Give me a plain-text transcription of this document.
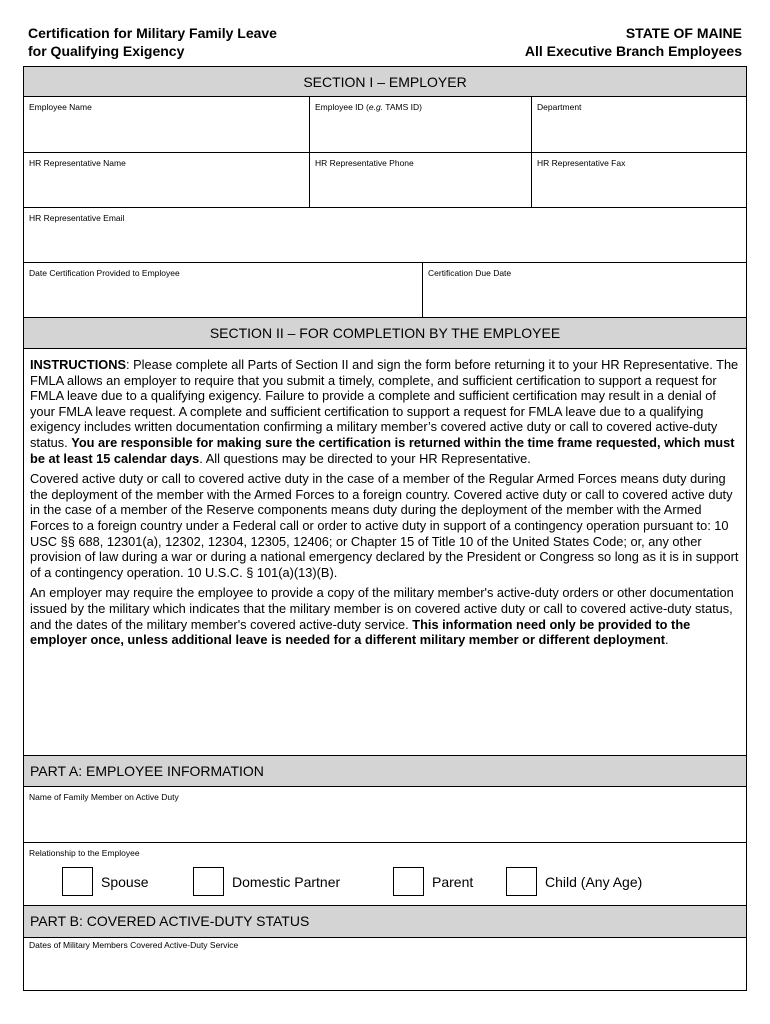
Certification for Military Family Leave
for Qualifying Exigency
STATE OF MAINE
All Executive Branch Employees
SECTION I – EMPLOYER
Employee Name	Employee ID (e.g. TAMS ID)	Department
HR Representative Name	HR Representative Phone	HR Representative Fax
HR Representative Email
Date Certification Provided to Employee	Certification Due Date
SECTION II – FOR COMPLETION BY THE EMPLOYEE

INSTRUCTIONS: Please complete all Parts of Section II and sign the form before returning it to your HR Representative. The FMLA allows an employer to require that you submit a timely, complete, and sufficient certification to support a request for FMLA leave due to a qualifying exigency. Failure to provide a complete and sufficient certification may result in a denial of your FMLA leave request. A complete and sufficient certification to support a request for FMLA leave due to a qualifying exigency includes written documentation confirming a military member’s covered active duty or call to covered active-duty status. You are responsible for making sure the certification is returned within the time frame requested, which must be at least 15 calendar days. All questions may be directed to your HR Representative.

Covered active duty or call to covered active duty in the case of a member of the Regular Armed Forces means duty during the deployment of the member with the Armed Forces to a foreign country. Covered active duty or call to covered active duty in the case of a member of the Reserve components means duty during the deployment of the member with the Armed Forces to a foreign country under a Federal call or order to active duty in support of a contingency operation pursuant to: 10 USC §§ 688, 12301(a), 12302, 12304, 12305, 12406; or Chapter 15 of Title 10 of the United States Code; or, any other provision of law during a war or during a national emergency declared by the President or Congress so long as it is in support of a contingency operation. 10 U.S.C. § 101(a)(13)(B).

An employer may require the employee to provide a copy of the military member's active-duty orders or other documentation issued by the military which indicates that the military member is on covered active duty or call to covered active-duty status, and the dates of the military member's covered active-duty service. This information need only be provided to the employer once, unless additional leave is needed for a different military member or different deployment.

PART A: EMPLOYEE INFORMATION
Name of Family Member on Active Duty
Relationship to the Employee
Spouse	Domestic Partner	Parent	Child (Any Age)
PART B: COVERED ACTIVE-DUTY STATUS
Dates of Military Members Covered Active-Duty Service
